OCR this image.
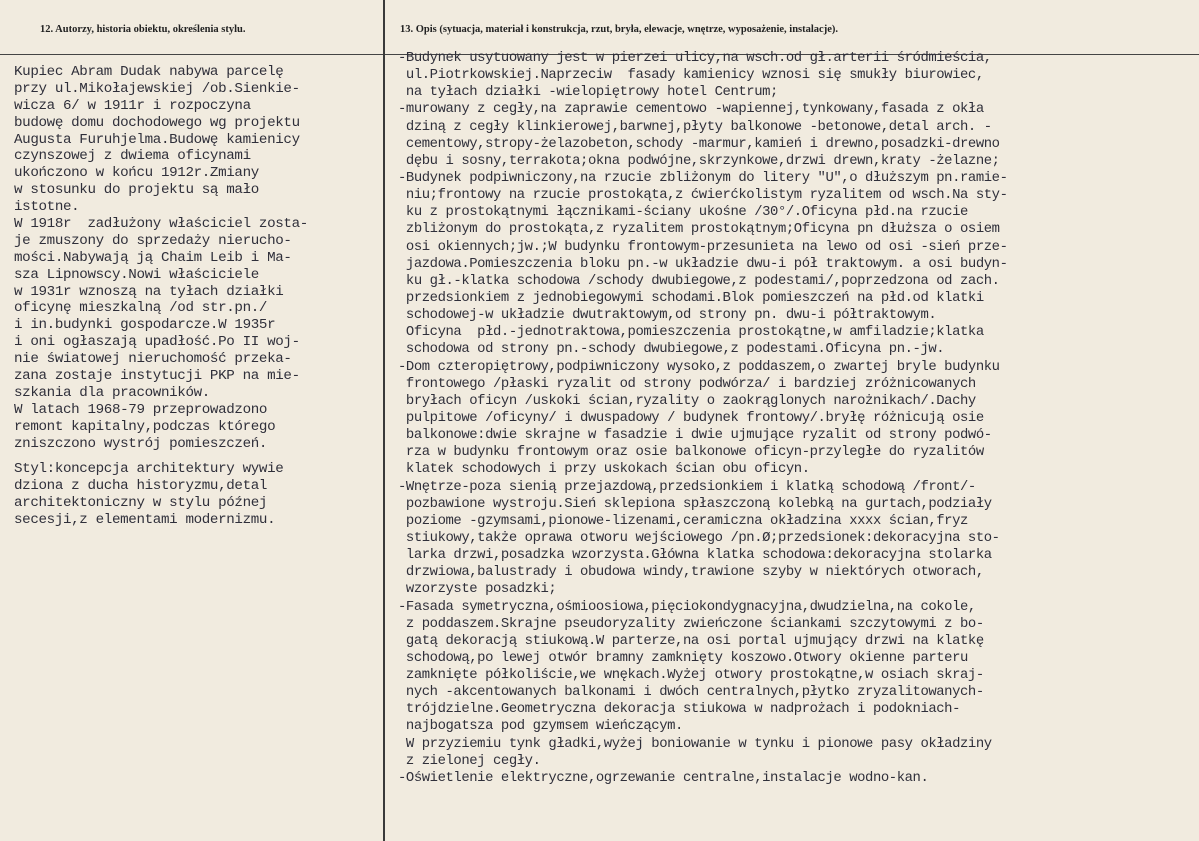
12. Autorzy, historia obiektu, określenia stylu.	13. Opis (sytuacja, materiał i konstrukcja, rzut, bryła, elewacje, wnętrze, wyposażenie, instalacje).
Kupiec Abram Dudak nabywa parcelę
przy ul.Mikołajewskiej /ob.Sienkie-
wicza 6/ w 1911r i rozpoczyna
budowę domu dochodowego wg projektu
Augusta Furuhjelma.Budowę kamienicy
czynszowej z dwiema oficynami
ukończono w końcu 1912r.Zmiany
w stosunku do projektu są mało
istotne.
W 1918r  zadłużony właściciel zosta-
je zmuszony do sprzedaży nierucho-
mości.Nabywają ją Chaim Leib i Ma-
sza Lipnowscy.Nowi właściciele
w 1931r wznoszą na tyłach działki
oficynę mieszkalną /od str.pn./
i in.budynki gospodarcze.W 1935r
i oni ogłaszają upadłość.Po II woj-
nie światowej nieruchomość przeka-
zana zostaje instytucji PKP na mie-
szkania dla pracowników.
W latach 1968-79 przeprowadzono
remont kapitalny,podczas którego
zniszczono wystrój pomieszczeń.
Styl:koncepcja architektury wywie
dziona z ducha historyzmu,detal
architektoniczny w stylu późnej
secesji,z elementami modernizmu.
-Budynek usytuowany jest w pierzei ulicy,na wsch.od gł.arterii śródmieścia,
ul.Piotrkowskiej.Naprzeciw  fasady kamienicy wznosi się smukły biurowiec,
na tyłach działki -wielopiętrowy hotel Centrum;
-murowany z cegły,na zaprawie cementowo -wapiennej,tynkowany,fasada z okła
dziną z cegły klinkierowej,barwnej,płyty balkonowe -betonowe,detal arch. -
cementowy,stropy-żelazobeton,schody -marmur,kamień i drewno,posadzki-drewno
dębu i sosny,terrakota;okna podwójne,skrzynkowe,drzwi drewn,kraty -żelazne;
-Budynek podpiwniczony,na rzucie zbliżonym do litery "U",o dłuższym pn.ramie-
niu;frontowy na rzucie prostokąta,z ćwierćkolistym ryzalitem od wsch.Na sty-
ku z prostokątnymi łącznikami-ściany ukośne /30°/.Oficyna płd.na rzucie
zbliżonym do prostokąta,z ryzalitem prostokątnym;Oficyna pn dłuższa o osiem
osi okiennych;jw.;W budynku frontowym-przesunieta na lewo od osi -sień prze-
jazdowa.Pomieszczenia bloku pn.-w układzie dwu-i pół traktowym. a osi budyn-
ku gł.-klatka schodowa /schody dwubiegowe,z podestami/,poprzedzona od zach.
przedsionkiem z jednobiegowymi schodami.Blok pomieszczeń na płd.od klatki
schodowej-w układzie dwutraktowym,od strony pn. dwu-i półtraktowym.
Oficyna  płd.-jednotraktowa,pomieszczenia prostokątne,w amfiladzie;klatka
schodowa od strony pn.-schody dwubiegowe,z podestami.Oficyna pn.-jw.
-Dom czteropiętrowy,podpiwniczony wysoko,z poddaszem,o zwartej bryle budynku
frontowego /płaski ryzalit od strony podwórza/ i bardziej zróżnicowanych
bryłach oficyn /uskoki ścian,ryzality o zaokrąglonych narożnikach/.Dachy
pulpitowe /oficyny/ i dwuspadowy / budynek frontowy/.bryłę różnicują osie
balkonowe:dwie skrajne w fasadzie i dwie ujmujące ryzalit od strony podwó-
rza w budynku frontowym oraz osie balkonowe oficyn-przyległe do ryzalitów
klatek schodowych i przy uskokach ścian obu oficyn.
-Wnętrze-poza sienią przejazdową,przedsionkiem i klatką schodową /front/-
pozbawione wystroju.Sień sklepiona spłaszczoną kolebką na gurtach,podziały
poziome -gzymsami,pionowe-lizenami,ceramiczna okładzina xxxx ścian,fryz
stiukowy,także oprawa otworu wejściowego /pn.Ø;przedsionek:dekoracyjna sto-
larka drzwi,posadzka wzorzysta.Główna klatka schodowa:dekoracyjna stolarka
drzwiowa,balustrady i obudowa windy,trawione szyby w niektórych otworach,
wzorzyste posadzki;
-Fasada symetryczna,ośmioosiowa,pięciokondygnacyjna,dwudzielna,na cokole,
z poddaszem.Skrajne pseudoryzality zwieńczone ściankami szczytowymi z bo-
gatą dekoracją stiukową.W parterze,na osi portal ujmujący drzwi na klatkę
schodową,po lewej otwór bramny zamknięty koszowo.Otwory okienne parteru
zamknięte półkoliście,we wnękach.Wyżej otwory prostokątne,w osiach skraj-
nych -akcentowanych balkonami i dwóch centralnych,płytko zryzalitowanych-
trójdzielne.Geometryczna dekoracja stiukowa w nadprożach i podokniach-
najbogatsza pod gzymsem wieńczącym.
W przyziemiu tynk gładki,wyżej boniowanie w tynku i pionowe pasy okładziny
z zielonej cegły.
-Oświetlenie elektryczne,ogrzewanie centralne,instalacje wodno-kan.
